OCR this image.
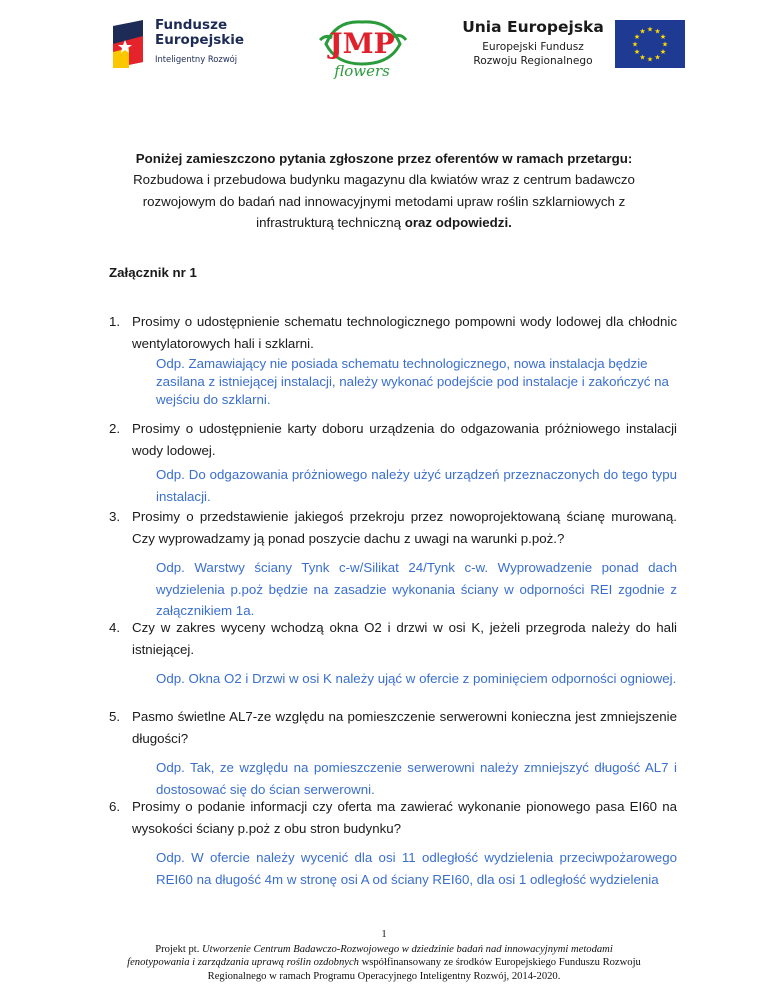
Fundusze
Europejskie
Inteligentny Rozwój	JMP
flowers
Unia Europejska
Europejski Fundusz
Rozwoju Regionalnego
★
★
★
★
★
★
★
★
★ ★ ★
★
Poniżej zamieszczono pytania zgłoszone przez oferentów w ramach przetargu:
Rozbudowa i przebudowa budynku magazynu dla kwiatów wraz z centrum badawczo
rozwojowym do badań nad innowacyjnymi metodami upraw roślin szklarniowych z
infrastrukturą techniczną oraz odpowiedzi.
Załącznik nr 1
1. Prosimy o udostępnienie schematu technologicznego pompowni wody lodowej dla chłodnic wentylatorowych hali i szklarni.
Odp. Zamawiający nie posiada schematu technologicznego, nowa instalacja będzie zasilana z istniejącej instalacji, należy wykonać podejście pod instalacje i zakończyć na wejściu do szklarni.
2. Prosimy o udostępnienie karty doboru urządzenia do odgazowania próżniowego instalacji wody lodowej.
Odp. Do odgazowania próżniowego należy użyć urządzeń przeznaczonych do tego typu instalacji.
3. Prosimy o przedstawienie jakiegoś przekroju przez nowoprojektowaną ścianę murowaną. Czy wyprowadzamy ją ponad poszycie dachu z uwagi na warunki p.poż.?
Odp. Warstwy ściany Tynk c-w/Silikat 24/Tynk c-w. Wyprowadzenie ponad dach wydzielenia p.poż będzie na zasadzie wykonania ściany w odporności REI zgodnie z załącznikiem 1a.
4. Czy w zakres wyceny wchodzą okna O2 i drzwi w osi K, jeżeli przegroda należy do hali istniejącej.
Odp. Okna O2 i Drzwi w osi K należy ująć w ofercie z pominięciem odporności ogniowej.
5. Pasmo świetlne AL7-ze względu na pomieszczenie serwerowni konieczna jest zmniejszenie długości?
Odp. Tak, ze względu na pomieszczenie serwerowni należy zmniejszyć długość AL7 i dostosować się do ścian serwerowni.
6. Prosimy o podanie informacji czy oferta ma zawierać wykonanie pionowego pasa EI60 na wysokości ściany p.poż z obu stron budynku?
Odp. W ofercie należy wycenić dla osi 11 odległość wydzielenia przeciwpożarowego REI60 na długość 4m w stronę osi A od ściany REI60, dla osi 1 odległość wydzielenia
1
Projekt pt. Utworzenie Centrum Badawczo-Rozwojowego w dziedzinie badań nad innowacyjnymi metodami
fenotypowania i zarządzania uprawą roślin ozdobnych współfinansowany ze środków Europejskiego Funduszu Rozwoju
Regionalnego w ramach Programu Operacyjnego Inteligentny Rozwój, 2014-2020.
